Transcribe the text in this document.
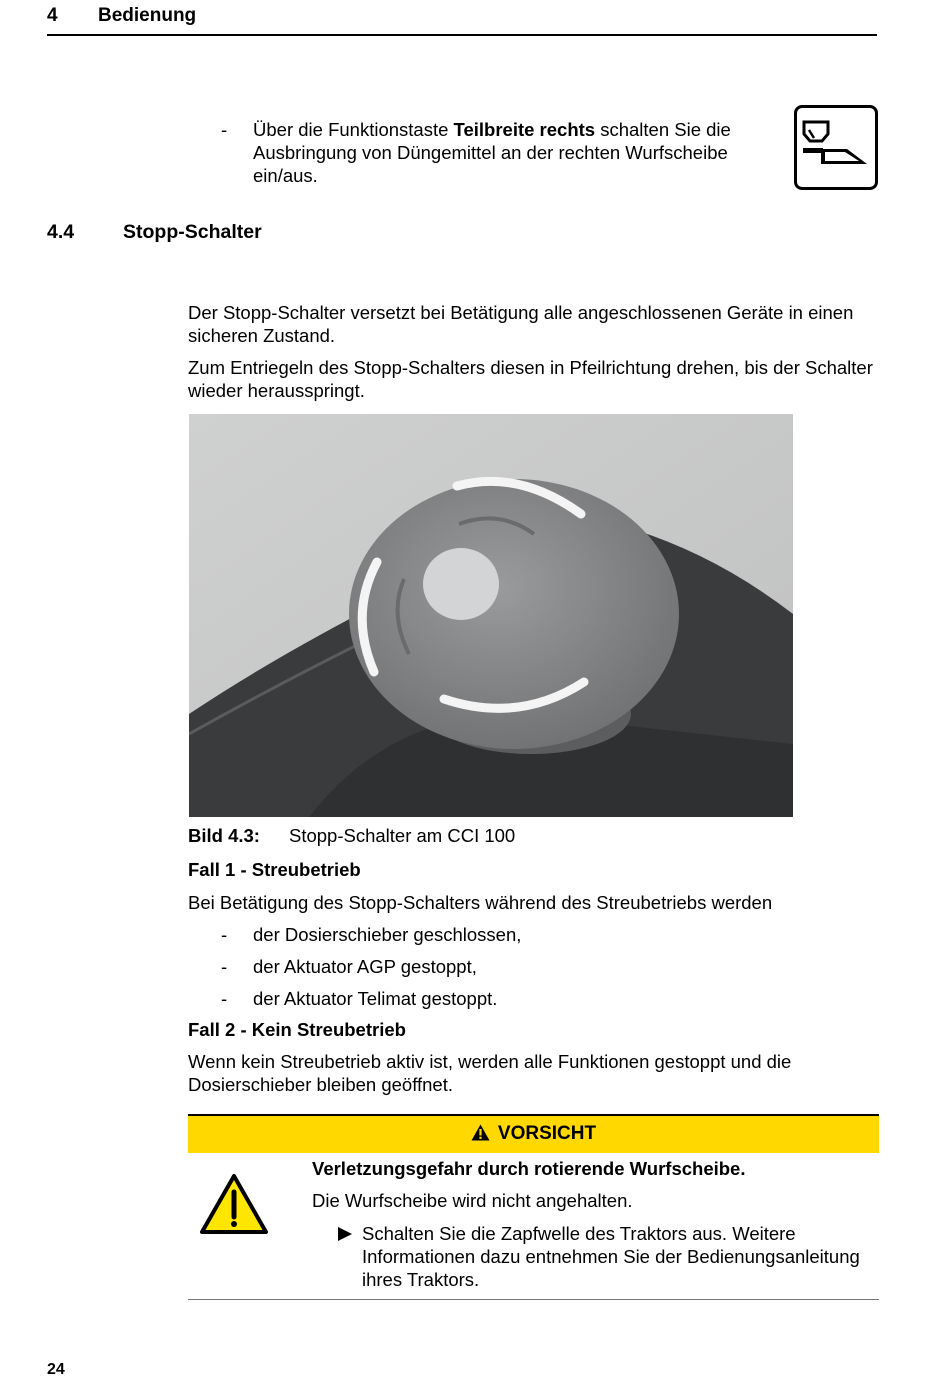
4 Bedienung
- Über die Funktionstaste Teilbreite rechts schalten Sie die Ausbringung von Düngemittel an der rechten Wurfscheibe ein/aus.
4.4	Stopp-Schalter
Der Stopp-Schalter versetzt bei Betätigung alle angeschlossenen Geräte in einen sicheren Zustand.
Zum Entriegeln des Stopp-Schalters diesen in Pfeilrichtung drehen, bis der Schalter wieder herausspringt.
Bild 4.3: Stopp-Schalter am CCI 100
Fall 1 - Streubetrieb
Bei Betätigung des Stopp-Schalters während des Streubetriebs werden
- der Dosierschieber geschlossen,
- der Aktuator AGP gestoppt,
- der Aktuator Telimat gestoppt.
Fall 2 - Kein Streubetrieb
Wenn kein Streubetrieb aktiv ist, werden alle Funktionen gestoppt und die Dosierschieber bleiben geöffnet.
VORSICHT
Verletzungsgefahr durch rotierende Wurfscheibe.
Die Wurfscheibe wird nicht angehalten.
Schalten Sie die Zapfwelle des Traktors aus. Weitere Informationen dazu entnehmen Sie der Bedienungsanleitung ihres Traktors.
24
